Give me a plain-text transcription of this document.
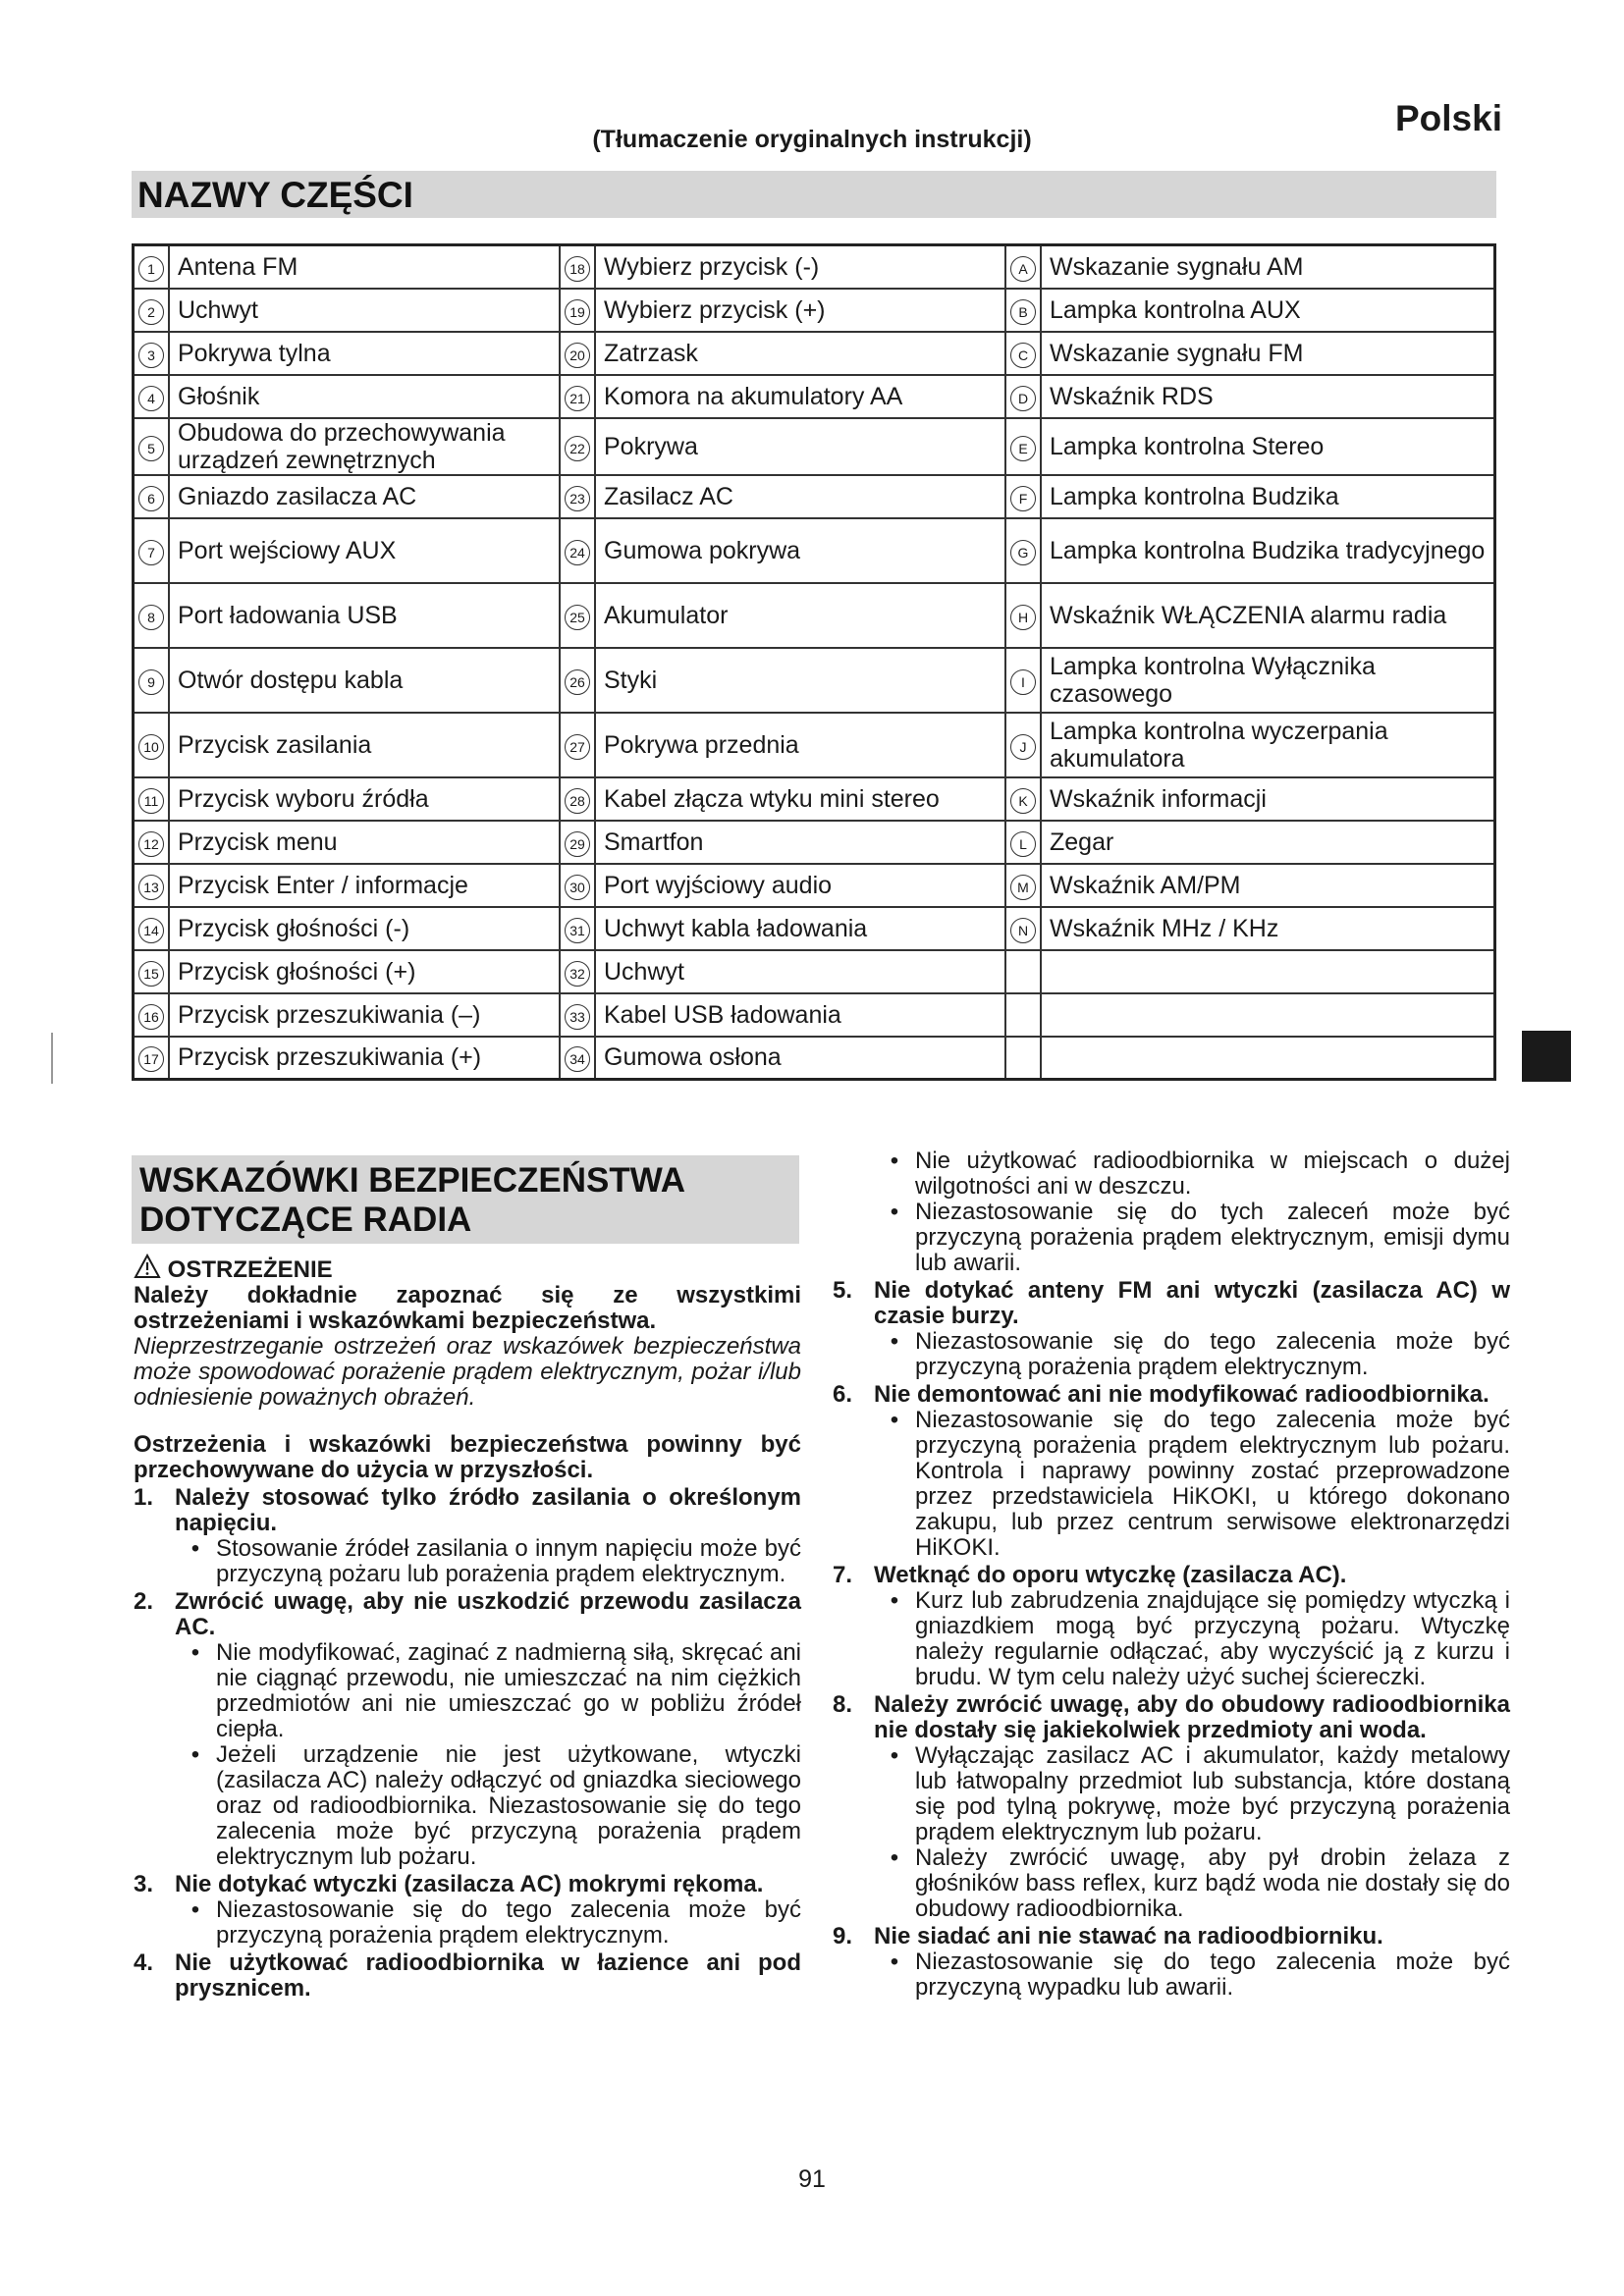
(Tłumaczenie oryginalnych instrukcji)
Polski
NAZWY CZĘŚCI
1	Antena FM	18	Wybierz przycisk (-)	A	Wskazanie sygnału AM
2	Uchwyt	19	Wybierz przycisk (+)	B	Lampka kontrolna AUX
3	Pokrywa tylna	20	Zatrzask	C	Wskazanie sygnału FM
4	Głośnik	21	Komora na akumulatory AA	D	Wskaźnik RDS
5	Obudowa do przechowywania urządzeń zewnętrznych	22	Pokrywa	E	Lampka kontrolna Stereo
6	Gniazdo zasilacza AC	23	Zasilacz AC	F	Lampka kontrolna Budzika
7	Port wejściowy AUX	24	Gumowa pokrywa	G	Lampka kontrolna Budzika tradycyjnego
8	Port ładowania USB	25	Akumulator	H	Wskaźnik WŁĄCZENIA alarmu radia
9	Otwór dostępu kabla	26	Styki	I	Lampka kontrolna Wyłącznika czasowego
10	Przycisk zasilania	27	Pokrywa przednia	J	Lampka kontrolna wyczerpania akumulatora
11	Przycisk wyboru źródła	28	Kabel złącza wtyku mini stereo	K	Wskaźnik informacji
12	Przycisk menu	29	Smartfon	L	Zegar
13	Przycisk Enter / informacje	30	Port wyjściowy audio	M	Wskaźnik AM/PM
14	Przycisk głośności (-)	31	Uchwyt kabla ładowania	N	Wskaźnik MHz / KHz
15	Przycisk głośności (+)	32	Uchwyt		
16	Przycisk przeszukiwania (–)	33	Kabel USB ładowania		
17	Przycisk przeszukiwania (+)	34	Gumowa osłona		
WSKAZÓWKI BEZPIECZEŃSTWA
DOTYCZĄCE RADIA
OSTRZEŻENIE
Należy dokładnie zapoznać się ze wszystkimi ostrzeżeniami i wskazówkami bezpieczeństwa.
Nieprzestrzeganie ostrzeżeń oraz wskazówek bezpieczeństwa może spowodować porażenie prądem elektrycznym, pożar i/lub odniesienie poważnych obrażeń.
Ostrzeżenia i wskazówki bezpieczeństwa powinny być przechowywane do użycia w przyszłości.
1. Należy stosować tylko źródło zasilania o określonym napięciu.
• Stosowanie źródeł zasilania o innym napięciu może być przyczyną pożaru lub porażenia prądem elektrycznym.
2. Zwrócić uwagę, aby nie uszkodzić przewodu zasilacza AC.
• Nie modyfikować, zaginać z nadmierną siłą, skręcać ani nie ciągnąć przewodu, nie umieszczać na nim ciężkich przedmiotów ani nie umieszczać go w pobliżu źródeł ciepła.
• Jeżeli urządzenie nie jest użytkowane, wtyczki (zasilacza AC) należy odłączyć od gniazdka sieciowego oraz od radioodbiornika. Niezastosowanie się do tego zalecenia może być przyczyną porażenia prądem elektrycznym lub pożaru.
3. Nie dotykać wtyczki (zasilacza AC) mokrymi rękoma.
• Niezastosowanie się do tego zalecenia może być przyczyną porażenia prądem elektrycznym.
4. Nie użytkować radioodbiornika w łazience ani pod prysznicem.
• Nie użytkować radioodbiornika w miejscach o dużej wilgotności ani w deszczu.
• Niezastosowanie się do tych zaleceń może być przyczyną porażenia prądem elektrycznym, emisji dymu lub awarii.
5. Nie dotykać anteny FM ani wtyczki (zasilacza AC) w czasie burzy.
• Niezastosowanie się do tego zalecenia może być przyczyną porażenia prądem elektrycznym.
6. Nie demontować ani nie modyfikować radioodbiornika.
• Niezastosowanie się do tego zalecenia może być przyczyną porażenia prądem elektrycznym lub pożaru. Kontrola i naprawy powinny zostać przeprowadzone przez przedstawiciela HiKOKI, u którego dokonano zakupu, lub przez centrum serwisowe elektronarzędzi HiKOKI.
7. Wetknąć do oporu wtyczkę (zasilacza AC).
• Kurz lub zabrudzenia znajdujące się pomiędzy wtyczką i gniazdkiem mogą być przyczyną pożaru. Wtyczkę należy regularnie odłączać, aby wyczyścić ją z kurzu i brudu. W tym celu należy użyć suchej ściereczki.
8. Należy zwrócić uwagę, aby do obudowy radioodbiornika nie dostały się jakiekolwiek przedmioty ani woda.
• Wyłączając zasilacz AC i akumulator, każdy metalowy lub łatwopalny przedmiot lub substancja, które dostaną się pod tylną pokrywę, może być przyczyną porażenia prądem elektrycznym lub pożaru.
• Należy zwrócić uwagę, aby pył drobin żelaza z głośników bass reflex, kurz bądź woda nie dostały się do obudowy radioodbiornika.
9. Nie siadać ani nie stawać na radioodbiorniku.
• Niezastosowanie się do tego zalecenia może być przyczyną wypadku lub awarii.
91
